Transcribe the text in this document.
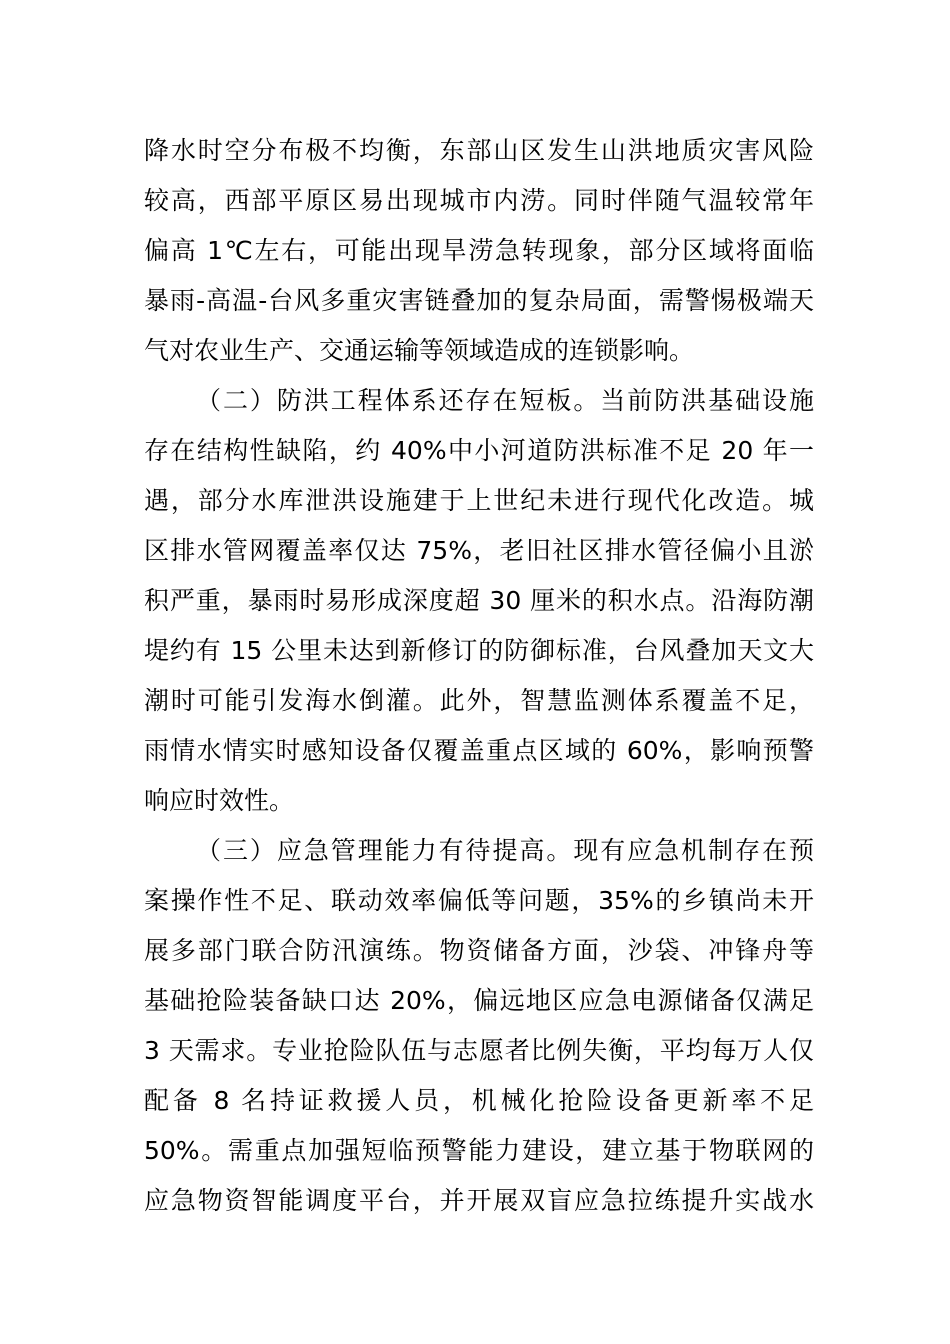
降水时空分布极不均衡，东部山区发生山洪地质灾害风险
较高，西部平原区易出现城市内涝。同时伴随气温较常年
偏高 1℃左右，可能出现旱涝急转现象，部分区域将面临
暴雨-高温-台风多重灾害链叠加的复杂局面，需警惕极端天
气对农业生产、交通运输等领域造成的连锁影响。
（二）防洪工程体系还存在短板。当前防洪基础设施
存在结构性缺陷，约 40%中小河道防洪标准不足 20 年一
遇，部分水库泄洪设施建于上世纪未进行现代化改造。城
区排水管网覆盖率仅达 75%，老旧社区排水管径偏小且淤
积严重，暴雨时易形成深度超 30 厘米的积水点。沿海防潮
堤约有 15 公里未达到新修订的防御标准，台风叠加天文大
潮时可能引发海水倒灌。此外，智慧监测体系覆盖不足，
雨情水情实时感知设备仅覆盖重点区域的 60%，影响预警
响应时效性。
（三）应急管理能力有待提高。现有应急机制存在预
案操作性不足、联动效率偏低等问题，35%的乡镇尚未开
展多部门联合防汛演练。物资储备方面，沙袋、冲锋舟等
基础抢险装备缺口达 20%，偏远地区应急电源储备仅满足
3 天需求。专业抢险队伍与志愿者比例失衡，平均每万人仅
配备 8 名持证救援人员，机械化抢险设备更新率不足
50%。需重点加强短临预警能力建设，建立基于物联网的
应急物资智能调度平台，并开展双盲应急拉练提升实战水
